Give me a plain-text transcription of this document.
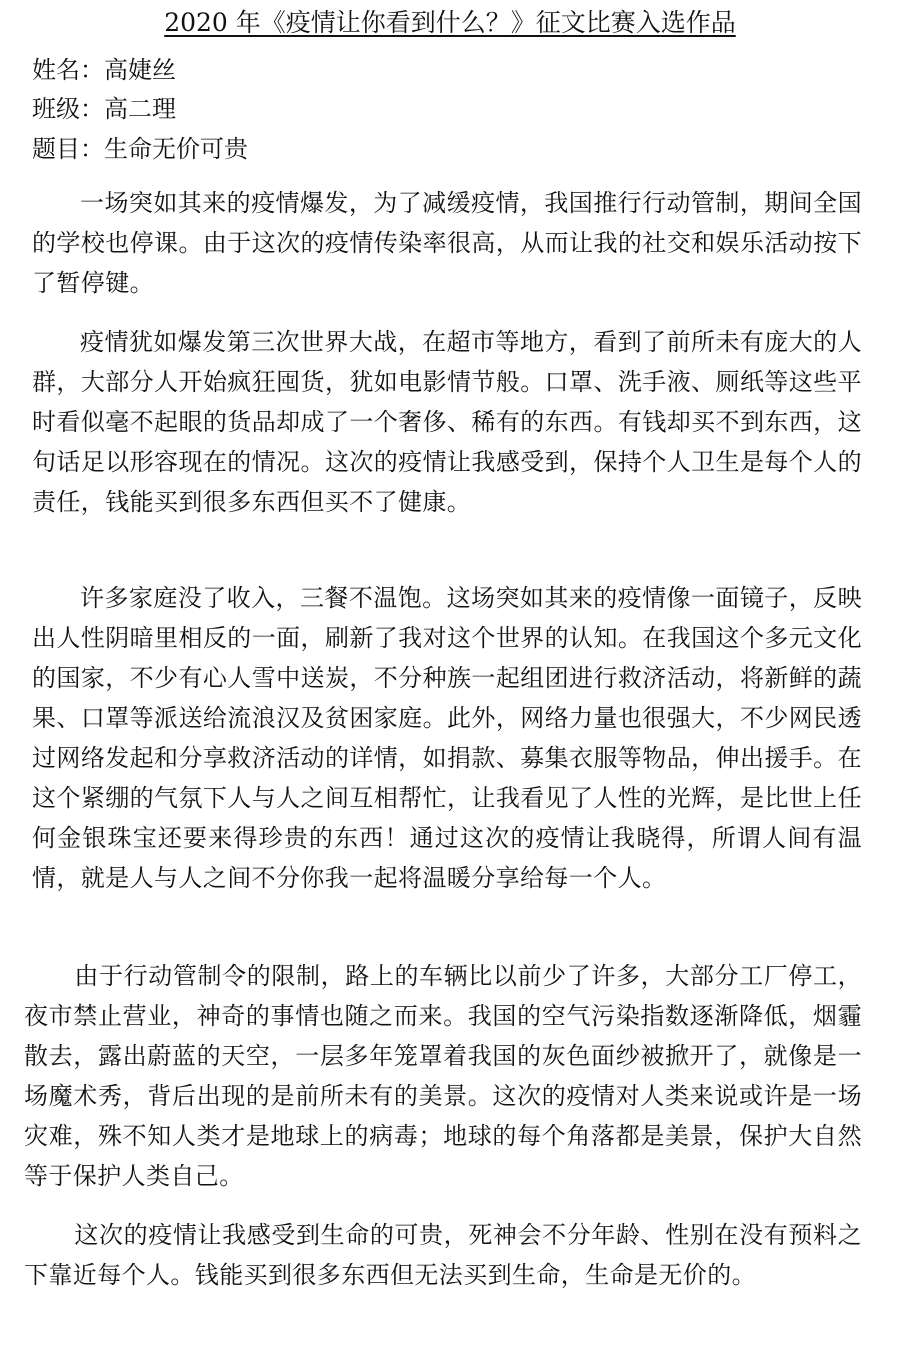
2020 年《疫情让你看到什么？》征文比赛入选作品
姓名：高婕丝
班级：高二理
题目：生命无价可贵

一场突如其来的疫情爆发，为了减缓疫情，我国推行行动管制，期间全国的学校也停课。由于这次的疫情传染率很高，从而让我的社交和娱乐活动按下了暂停键。

疫情犹如爆发第三次世界大战，在超市等地方，看到了前所未有庞大的人群，大部分人开始疯狂囤货，犹如电影情节般。口罩、洗手液、厕纸等这些平时看似毫不起眼的货品却成了一个奢侈、稀有的东西。有钱却买不到东西，这句话足以形容现在的情况。这次的疫情让我感受到，保持个人卫生是每个人的责任，钱能买到很多东西但买不了健康。

许多家庭没了收入，三餐不温饱。这场突如其来的疫情像一面镜子，反映出人性阴暗里相反的一面，刷新了我对这个世界的认知。在我国这个多元文化的国家，不少有心人雪中送炭，不分种族一起组团进行救济活动，将新鲜的蔬果、口罩等派送给流浪汉及贫困家庭。此外，网络力量也很强大，不少网民透过网络发起和分享救济活动的详情，如捐款、募集衣服等物品，伸出援手。在这个紧绷的气氛下人与人之间互相帮忙，让我看见了人性的光辉，是比世上任何金银珠宝还要来得珍贵的东西！通过这次的疫情让我晓得，所谓人间有温情，就是人与人之间不分你我一起将温暖分享给每一个人。

由于行动管制令的限制，路上的车辆比以前少了许多，大部分工厂停工，夜市禁止营业，神奇的事情也随之而来。我国的空气污染指数逐渐降低，烟霾散去，露出蔚蓝的天空，一层多年笼罩着我国的灰色面纱被掀开了，就像是一场魔术秀，背后出现的是前所未有的美景。这次的疫情对人类来说或许是一场灾难，殊不知人类才是地球上的病毒；地球的每个角落都是美景，保护大自然等于保护人类自己。

这次的疫情让我感受到生命的可贵，死神会不分年龄、性别在没有预料之下靠近每个人。钱能买到很多东西但无法买到生命，生命是无价的。
